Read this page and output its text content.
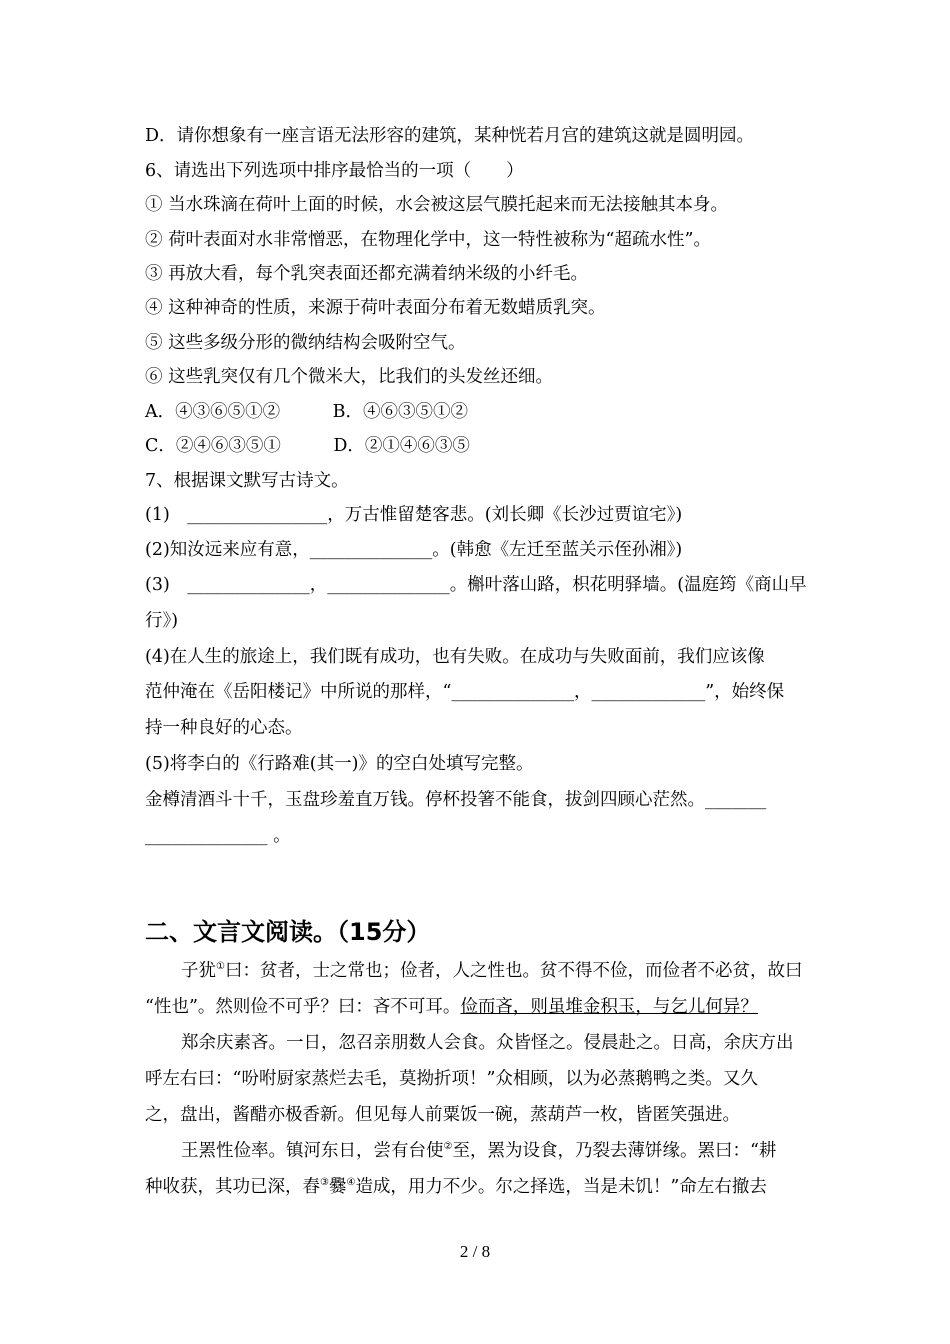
D．请你想象有一座言语无法形容的建筑，某种恍若月宫的建筑这就是圆明园。
6、请选出下列选项中排序最恰当的一项（　　）
① 当水珠滴在荷叶上面的时候，水会被这层气膜托起来而无法接触其本身。
② 荷叶表面对水非常憎恶，在物理化学中，这一特性被称为“超疏水性”。
③ 再放大看，每个乳突表面还都充满着纳米级的小纤毛。
④ 这种神奇的性质，来源于荷叶表面分布着无数蜡质乳突。
⑤ 这些多级分形的微纳结构会吸附空气。
⑥ 这些乳突仅有几个微米大，比我们的头发丝还细。
A．④③⑥⑤①②　　　B．④⑥③⑤①②
C．②④⑥③⑤①　　　D．②①④⑥③⑤
7、根据课文默写古诗文。
(1)　________________，万古惟留楚客悲。(刘长卿《长沙过贾谊宅》)
(2)知汝远来应有意，______________。(韩愈《左迁至蓝关示侄孙湘》)
(3)　______________，______________。槲叶落山路，枳花明驿墙。(温庭筠《商山早
行》)
(4)在人生的旅途上，我们既有成功，也有失败。在成功与失败面前，我们应该像
范仲淹在《岳阳楼记》中所说的那样，“______________，_____________”，始终保
持一种良好的心态。
(5)将李白的《行路难(其一)》的空白处填写完整。
金樽清酒斗十千，玉盘珍羞直万钱。停杯投箸不能食，拔剑四顾心茫然。_______
______________ 。
二、文言文阅读。（15分）
子犹①曰：贫者，士之常也；俭者，人之性也。贫不得不俭，而俭者不必贫，故曰
“性也”。然则俭不可乎？曰：吝不可耳。俭而吝，则虽堆金积玉，与乞儿何异？
郑余庆素吝。一日，忽召亲朋数人会食。众皆怪之。侵晨赴之。日高，余庆方出
呼左右曰：“吩咐厨家蒸烂去毛，莫拗折项！”众相顾，以为必蒸鹅鸭之类。又久
之，盘出，酱醋亦极香新。但见每人前粟饭一碗，蒸葫芦一枚，皆匿笑强进。
王罴性俭率。镇河东日，尝有台使②至，罴为设食，乃裂去薄饼缘。罴曰：“耕
种收获，其功已深，舂③爨④造成，用力不少。尔之择选，当是未饥！”命左右撤去
2 / 8
